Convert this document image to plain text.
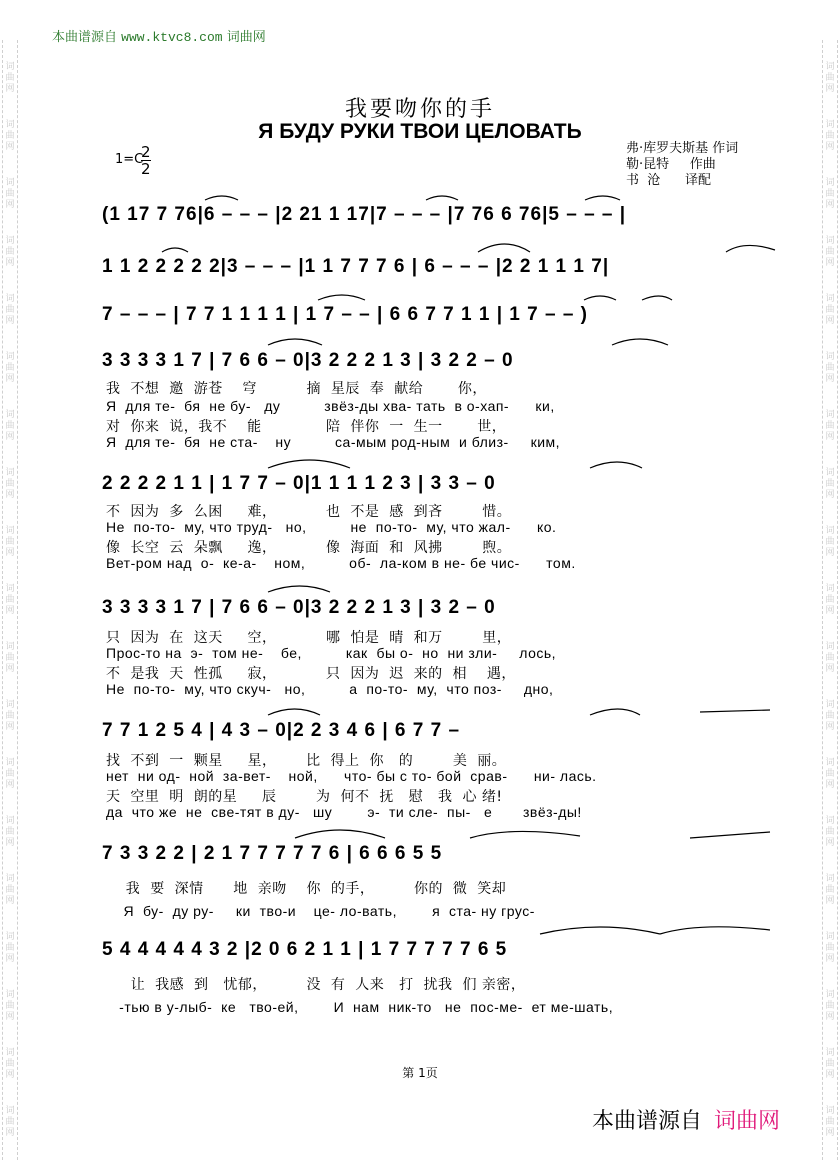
本曲谱源自 www.ktvc8.com 词曲网
我要吻你的手
Я БУДУ РУКИ ТВОИ ЦЕЛОВАТЬ
1=C
$\frac{2}{2}$	弗·库罗夫斯基 作词
勒·昆特     作曲
书  沧      译配
(1 17 7 76|6 – – – |2 21 1 17|7 – – – |7 76 6 76|5 – – – |
1 1 2 2 2 2 2|3 – – – |1 1 7 7 7 6 | 6 – – – |2 2 1 1 1 7|
7 – – – | 7 7 1 1 1 1 | 1 7 – – | 6 6 7 7 1 1 | 1 7 – – )
3 3 3 3 1 7 | 7 6 6 – 0|3 2 2 2 1 3 | 3 2 2 – 0
我  不想  邀  游苍    穹          摘  星辰  奉  献给       你，
Я  для те-  бя  не бу-   ду          звёз-ды хва- тать  в о-хап-      ки,
对  你来  说，我不    能             陪  伴你  一  生一       世，
Я  для те-  бя  не ста-    ну          са-мым род-ным  и близ-     ким,
2 2 2 2 1 1 | 1 7 7 – 0|1 1 1 1 2 3 | 3 3 – 0
不  因为  多  么困     难，          也  不是  感  到吝        惜。
Не  по-то-  му, что труд-   но,          не  по-то-  му, что жал-      ко.
像  长空  云  朵飘     逸，          像  海面  和  风拂        煦。
Вет-ром над  о-  ке-а-    ном,          об-  ла-ком в не- бе чис-      том.
3 3 3 3 1 7 | 7 6 6 – 0|3 2 2 2 1 3 | 3 2 – 0
只  因为  在  这天     空，          哪  怕是  晴  和万        里，
Прос-то на  э-  том не-    бе,          как  бы о-  но  ни зли-     лось,
不  是我  天  性孤     寂，          只  因为  迟  来的  相    遇，
Не  по-то-  му, что скуч-   но,          а  по-то-  му,  что поз-     дно,
7 7 1 2 5 4 | 4 3 – 0|2 2 3 4 6 | 6 7 7 –
找  不到  一  颗星     星，      比  得上  你   的        美  丽。
нет  ни од-  ной  за-вет-    ной,      что- бы с то- бой  срав-      ни- лась.
天  空里  明  朗的星     辰        为  何不  抚   慰   我  心 绪!
да  что же  не  све-тят в ду-   шу        э-  ти сле-  пы-   е       звёз-ды!
7 3 3 2 2 | 2 1 7 7 7 7 7 6 | 6 6 6 5 5
我  要  深情      地  亲吻    你  的手，        你的  微  笑却
Я  бу-  ду ру-     ки  тво-и    це- ло-вать,        я  ста- ну грус-
5 4 4 4 4 4 3 2 |2 0 6 2 1 1 | 1 7 7 7 7 7 6 5
让  我感  到   忧郁，        没  有  人来   打  扰我  们 亲密，
-тью в у-лыб-  ке   тво-ей,        И  нам  ник-то   не  пос-ме-  ет ме-шать,
第 1页
本曲谱源自 词曲网
词
曲
网
词
曲
网
词
曲
网
词
曲
网
词
曲
网
词
曲
网
词
曲
网
词
曲
网
词
曲
网
词
曲
网
词
曲
网
词
曲
网
词
曲
网
词
曲
网
词
曲
网
词
曲
网
词
曲
网
词
曲
网
词
曲
网
词
曲
网
词
曲
网
词
曲
网
词
曲
网
词
曲
网
词
曲
网
词
曲
网
词
曲
网
词
曲
网
词
曲
网
词
曲
网
词
曲
网
词
曲
网
词
曲
网
词
曲
网
词
曲
网
词
曲
网
词
曲
网
词
曲
网
